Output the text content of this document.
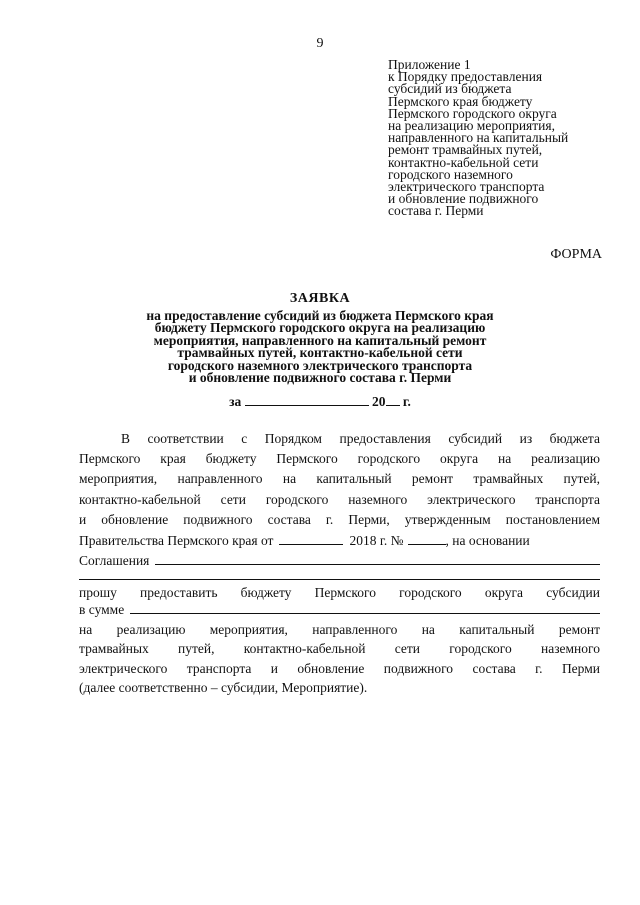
9
Приложение 1
к Порядку предоставления
субсидий из бюджета
Пермского края бюджету
Пермского городского округа
на реализацию мероприятия,
направленного на капитальный
ремонт трамвайных путей,
контактно-кабельной сети
городского наземного
электрического транспорта
и обновление подвижного
состава г. Перми
ФОРМА
ЗАЯВКА
на предоставление субсидий из бюджета Пермского края
бюджету Пермского городского округа на реализацию
мероприятия, направленного на капитальный ремонт
трамвайных путей, контактно-кабельной сети
городского наземного электрического транспорта
и обновление подвижного состава г. Перми
за	20 г.
В соответствии с Порядком предоставления субсидий из бюджета
Пермского края бюджету Пермского городского округа на реализацию
мероприятия, направленного на капитальный ремонт трамвайных путей,
контактно-кабельной сети городского наземного электрического транспорта
и обновление подвижного состава г. Перми, утвержденным постановлением
Правительства Пермского края от	2018 г. №	, на основании
Соглашения
прошу предоставить бюджету Пермского городского округа субсидии
в сумме
на реализацию мероприятия, направленного на капитальный ремонт
трамвайных путей, контактно-кабельной сети городского наземного
электрического транспорта и обновление подвижного состава г. Перми
(далее соответственно – субсидии, Мероприятие).
